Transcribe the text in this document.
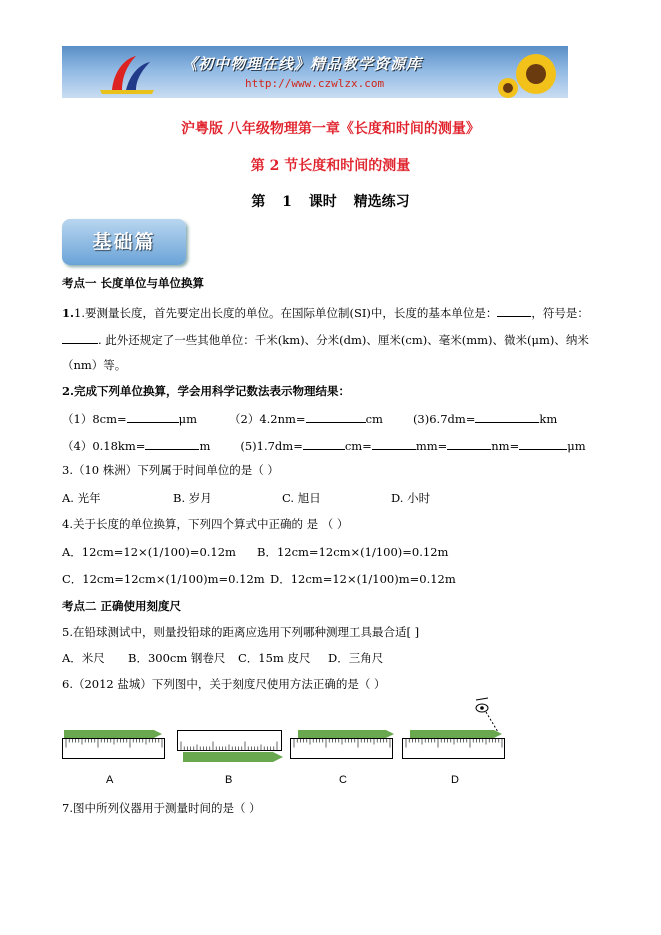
《初中物理在线》精品教学资源库
http://www.czwlzx.com
沪粤版 八年级物理第一章《长度和时间的测量》
第 2 节长度和时间的测量
第 1 课时 精选练习
基础篇
考点一 长度单位与单位换算
1.1.要测量长度，首先要定出长度的单位。在国际单位制(SI)中，长度的基本单位是：	，符号是：
. 此外还规定了一些其他单位：千米(km)、分米(dm)、厘米(cm)、毫米(mm)、微米(μm)、纳米
（nm）等。
2.完成下列单位换算，学会用科学记数法表示物理结果：
（1）8cm=	μm	（2）4.2nm=	cm	(3)6.7dm=	km
（4）0.18km=	m	(5)1.7dm=	cm=	mm=	nm=	μm
3.（10 株洲）下列属于时间单位的是（ ）
A. 光年	B. 岁月	C. 旭日	D. 小时
4.关于长度的单位换算，下列四个算式中正确的 是 （ ）
A．12cm=12×(1/100)=0.12m B．12cm=12cm×(1/100)=0.12m
C．12cm=12cm×(1/100)m=0.12m D．12cm=12×(1/100)m=0.12m
考点二 正确使用刻度尺
5.在铅球测试中，则量投铅球的距离应选用下列哪种测理工具最合适[ ]
A．米尺 B．300cm 钢卷尺 C．15m 皮尺 D．三角尺
6.（2012 盐城）下列图中，关于刻度尺使用方法正确的是（ ）
A	B	C	D
7.图中所列仪器用于测量时间的是（ ）
